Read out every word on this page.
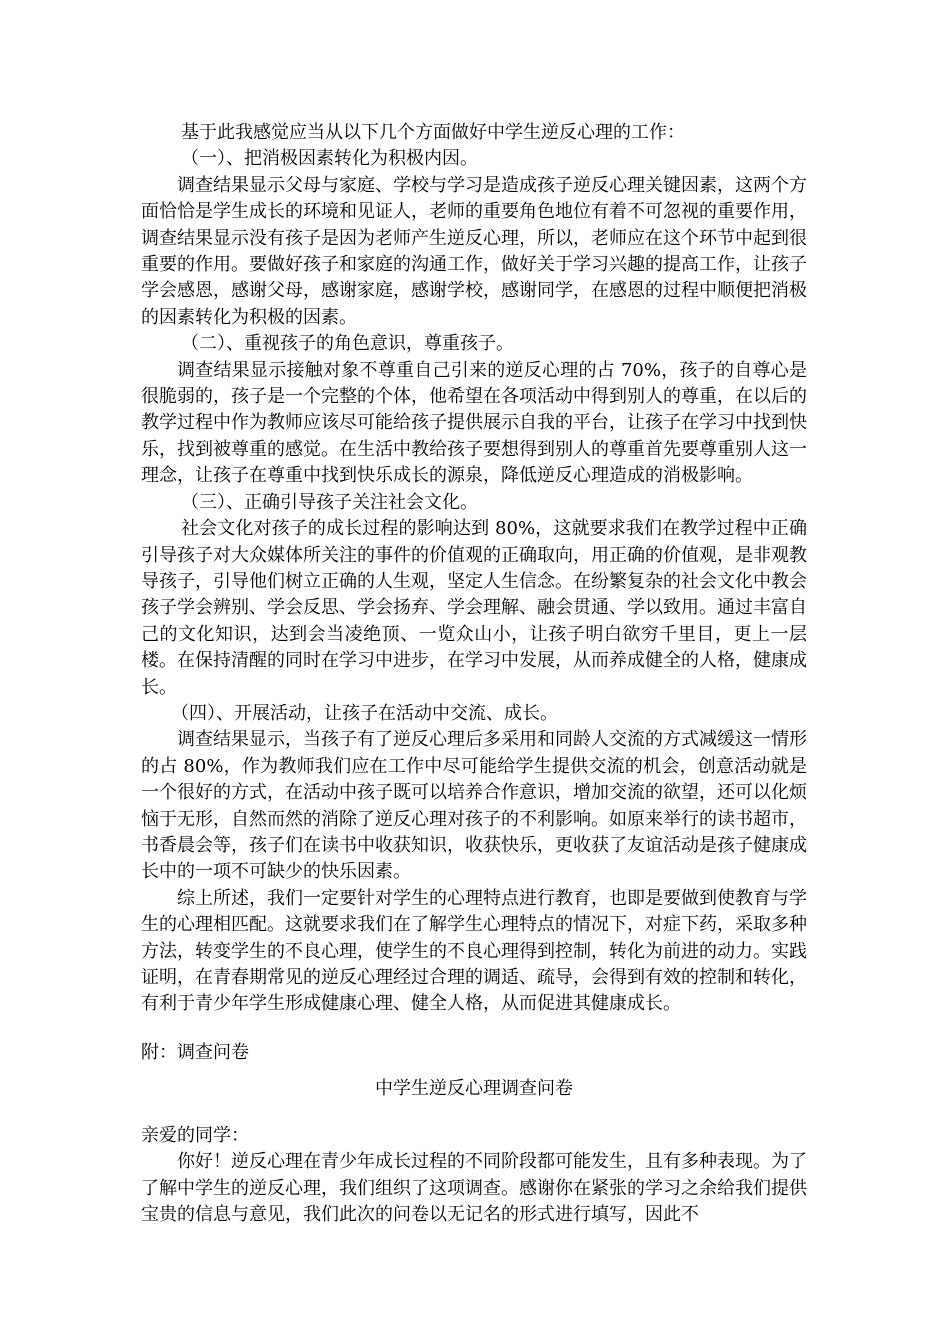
基于此我感觉应当从以下几个方面做好中学生逆反心理的工作：

（一）、把消极因素转化为积极内因。

调查结果显示父母与家庭、学校与学习是造成孩子逆反心理关键因素，这两个方面恰恰是学生成长的环境和见证人，老师的重要角色地位有着不可忽视的重要作用，调查结果显示没有孩子是因为老师产生逆反心理，所以，老师应在这个环节中起到很重要的作用。要做好孩子和家庭的沟通工作，做好关于学习兴趣的提高工作，让孩子学会感恩，感谢父母，感谢家庭，感谢学校，感谢同学，在感恩的过程中顺便把消极的因素转化为积极的因素。

（二）、重视孩子的角色意识，尊重孩子。

调查结果显示接触对象不尊重自己引来的逆反心理的占 70%，孩子的自尊心是很脆弱的，孩子是一个完整的个体，他希望在各项活动中得到别人的尊重，在以后的教学过程中作为教师应该尽可能给孩子提供展示自我的平台，让孩子在学习中找到快乐，找到被尊重的感觉。在生活中教给孩子要想得到别人的尊重首先要尊重别人这一理念，让孩子在尊重中找到快乐成长的源泉，降低逆反心理造成的消极影响。

（三）、正确引导孩子关注社会文化。

社会文化对孩子的成长过程的影响达到 80%，这就要求我们在教学过程中正确引导孩子对大众媒体所关注的事件的价值观的正确取向，用正确的价值观，是非观教导孩子，引导他们树立正确的人生观，坚定人生信念。在纷繁复杂的社会文化中教会孩子学会辨别、学会反思、学会扬弃、学会理解、融会贯通、学以致用。通过丰富自己的文化知识，达到会当凌绝顶、一览众山小，让孩子明白欲穷千里目，更上一层楼。在保持清醒的同时在学习中进步，在学习中发展，从而养成健全的人格，健康成长。

（四）、开展活动，让孩子在活动中交流、成长。

调查结果显示，当孩子有了逆反心理后多采用和同龄人交流的方式减缓这一情形的占 80%，作为教师我们应在工作中尽可能给学生提供交流的机会，创意活动就是一个很好的方式，在活动中孩子既可以培养合作意识，增加交流的欲望，还可以化烦恼于无形，自然而然的消除了逆反心理对孩子的不利影响。如原来举行的读书超市，书香晨会等，孩子们在读书中收获知识，收获快乐，更收获了友谊活动是孩子健康成长中的一项不可缺少的快乐因素。

综上所述，我们一定要针对学生的心理特点进行教育，也即是要做到使教育与学生的心理相匹配。这就要求我们在了解学生心理特点的情况下，对症下药，采取多种方法，转变学生的不良心理，使学生的不良心理得到控制，转化为前进的动力。实践证明，在青春期常见的逆反心理经过合理的调适、疏导，会得到有效的控制和转化，有利于青少年学生形成健康心理、健全人格，从而促进其健康成长。

附：调查问卷

中学生逆反心理调查问卷

亲爱的同学：

你好！逆反心理在青少年成长过程的不同阶段都可能发生，且有多种表现。为了了解中学生的逆反心理，我们组织了这项调查。感谢你在紧张的学习之余给我们提供宝贵的信息与意见，我们此次的问卷以无记名的形式进行填写，因此不
